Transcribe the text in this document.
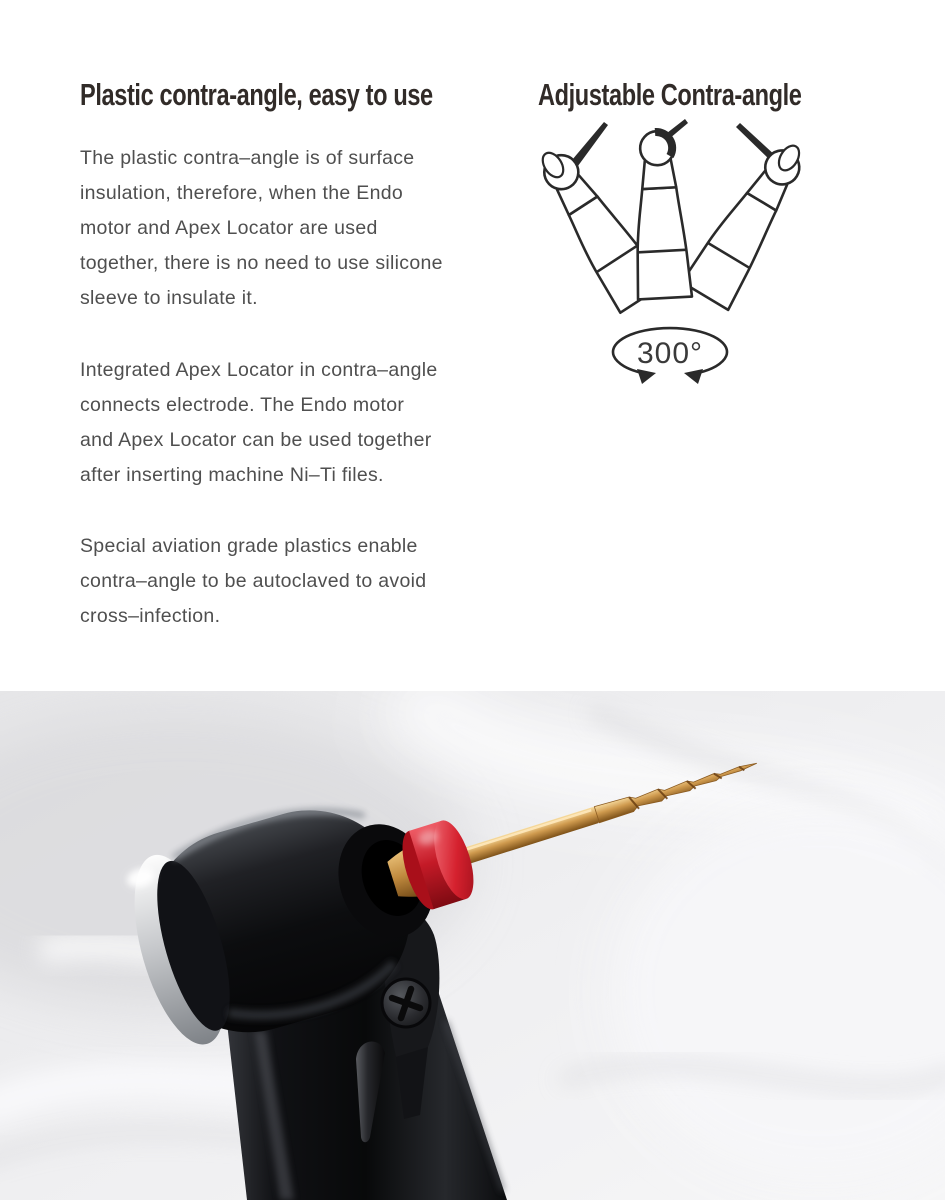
Plastic contra-angle, easy to use
The plastic contra–angle is of surface
insulation, therefore, when the Endo
motor and Apex Locator are used
together, there is no need to use silicone
sleeve to insulate it.
Integrated Apex Locator in contra–angle
connects electrode. The Endo motor
and Apex Locator can be used together
after inserting machine Ni–Ti files.
Special aviation grade plastics enable
contra–angle to be autoclaved to avoid
cross–infection.
Adjustable Contra-angle
300°
